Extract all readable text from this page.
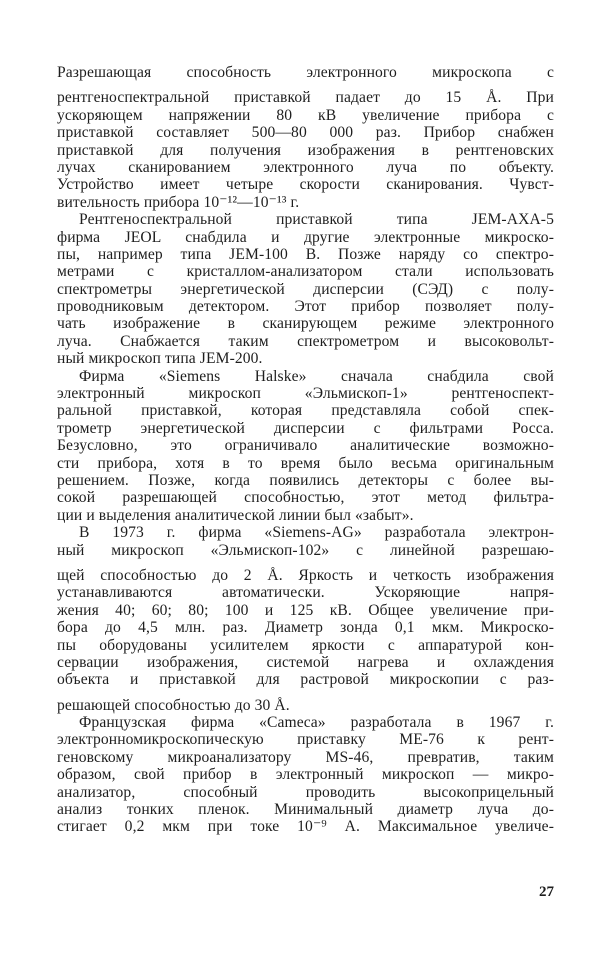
Разрешающая способность электронного микроскопа с
рентгеноспектральной приставкой падает до 15 Å. При
ускоряющем напряжении 80 кВ увеличение прибора с
приставкой составляет 500—80 000 раз. Прибор снабжен
приставкой для получения изображения в рентгеновских
лучах сканированием электронного луча по объекту.
Устройство имеет четыре скорости сканирования. Чувст-
вительность прибора 10⁻¹²—10⁻¹³ г.
Рентгеноспектральной приставкой типа JEM-AXA-5
фирма JEOL снабдила и другие электронные микроско-
пы, например типа JEM-100 B. Позже наряду со спектро-
метрами с кристаллом-анализатором стали использовать
спектрометры энергетической дисперсии (СЭД) с полу-
проводниковым детектором. Этот прибор позволяет полу-
чать изображение в сканирующем режиме электронного
луча. Снабжается таким спектрометром и высоковольт-
ный микроскоп типа JEM-200.
Фирма «Siemens Halske» сначала снабдила свой
электронный микроскоп «Эльмископ-1» рентгеноспект-
ральной приставкой, которая представляла собой спек-
трометр энергетической дисперсии с фильтрами Росса.
Безусловно, это ограничивало аналитические возможно-
сти прибора, хотя в то время было весьма оригинальным
решением. Позже, когда появились детекторы с более вы-
сокой разрешающей способностью, этот метод фильтра-
ции и выделения аналитической линии был «забыт».
В 1973 г. фирма «Siemens-AG» разработала электрон-
ный микроскоп «Эльмископ-102» с линейной разрешаю-
щей способностью до 2 Å. Яркость и четкость изображения
устанавливаются автоматически. Ускоряющие напря-
жения 40; 60; 80; 100 и 125 кВ. Общее увеличение при-
бора до 4,5 млн. раз. Диаметр зонда 0,1 мкм. Микроско-
пы оборудованы усилителем яркости с аппаратурой кон-
сервации изображения, системой нагрева и охлаждения
объекта и приставкой для растровой микроскопии с раз-
решающей способностью до 30 Å.
Французская фирма «Cameca» разработала в 1967 г.
электронномикроскопическую приставку МЕ-76 к рент-
геновскому микроанализатору MS-46, превратив, таким
образом, свой прибор в электронный микроскоп — микро-
анализатор, способный проводить высокоприцельный
анализ тонких пленок. Минимальный диаметр луча до-
стигает 0,2 мкм при токе 10⁻⁹ А. Максимальное увеличе-
27
